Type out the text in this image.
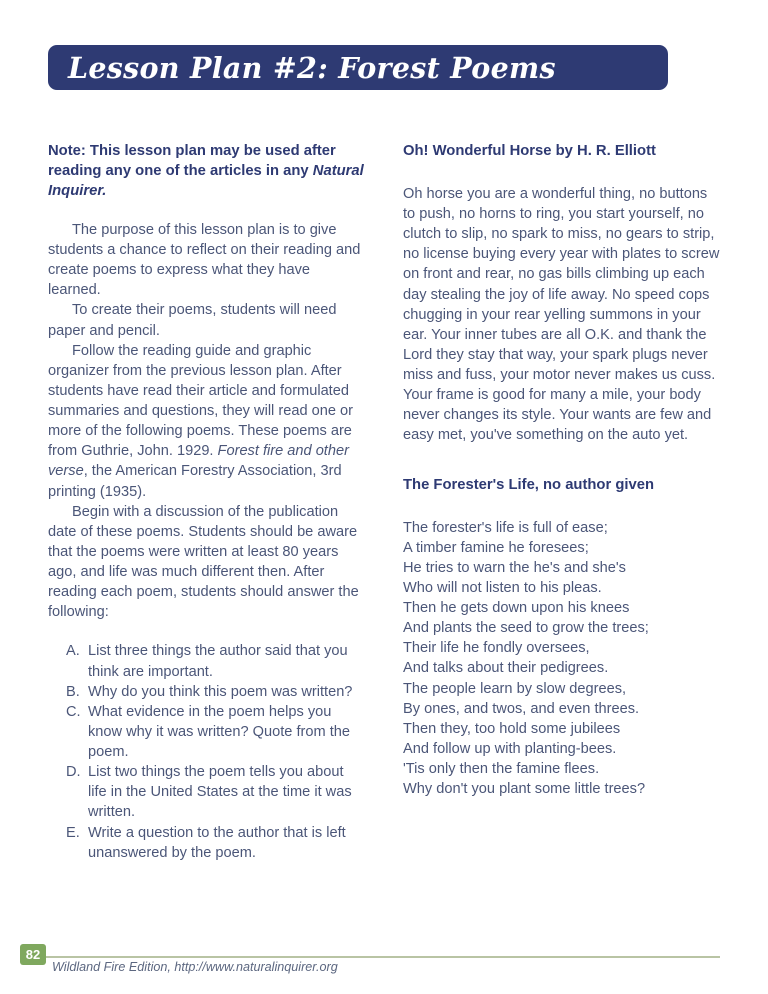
Lesson Plan #2: Forest Poems

Note: This lesson plan may be used after reading any one of the articles in any Natural Inquirer.

The purpose of this lesson plan is to give students a chance to reflect on their reading and create poems to express what they have learned.

To create their poems, students will need paper and pencil.

Follow the reading guide and graphic organizer from the previous lesson plan. After students have read their article and formulated summaries and questions, they will read one or more of the following poems. These poems are from Guthrie, John. 1929. Forest fire and other verse, the American Forestry Association, 3rd printing (1935).

Begin with a discussion of the publication date of these poems. Students should be aware that the poems were written at least 80 years ago, and life was much different then. After reading each poem, students should answer the following:

A. List three things the author said that you think are important.
B. Why do you think this poem was written?
C. What evidence in the poem helps you know why it was written? Quote from the poem.
D. List two things the poem tells you about life in the United States at the time it was written.
E. Write a question to the author that is left unanswered by the poem.
Oh! Wonderful Horse by H. R. Elliott

Oh horse you are a wonderful thing, no buttons to push, no horns to ring, you start yourself, no clutch to slip, no spark to miss, no gears to strip, no license buying every year with plates to screw on front and rear, no gas bills climbing up each day stealing the joy of life away. No speed cops chugging in your rear yelling summons in your ear. Your inner tubes are all O.K. and thank the Lord they stay that way, your spark plugs never miss and fuss, your motor never makes us cuss. Your frame is good for many a mile, your body never changes its style. Your wants are few and easy met, you've something on the auto yet.

The Forester's Life, no author given
The forester's life is full of ease;
A timber famine he foresees;
He tries to warn the he's and she's
Who will not listen to his pleas.
Then he gets down upon his knees
And plants the seed to grow the trees;
Their life he fondly oversees,
And talks about their pedigrees.
The people learn by slow degrees,
By ones, and twos, and even threes.
Then they, too hold some jubilees
And follow up with planting-bees.
'Tis only then the famine flees.
Why don't you plant some little trees?
82
Wildland Fire Edition, http://www.naturalinquirer.org
